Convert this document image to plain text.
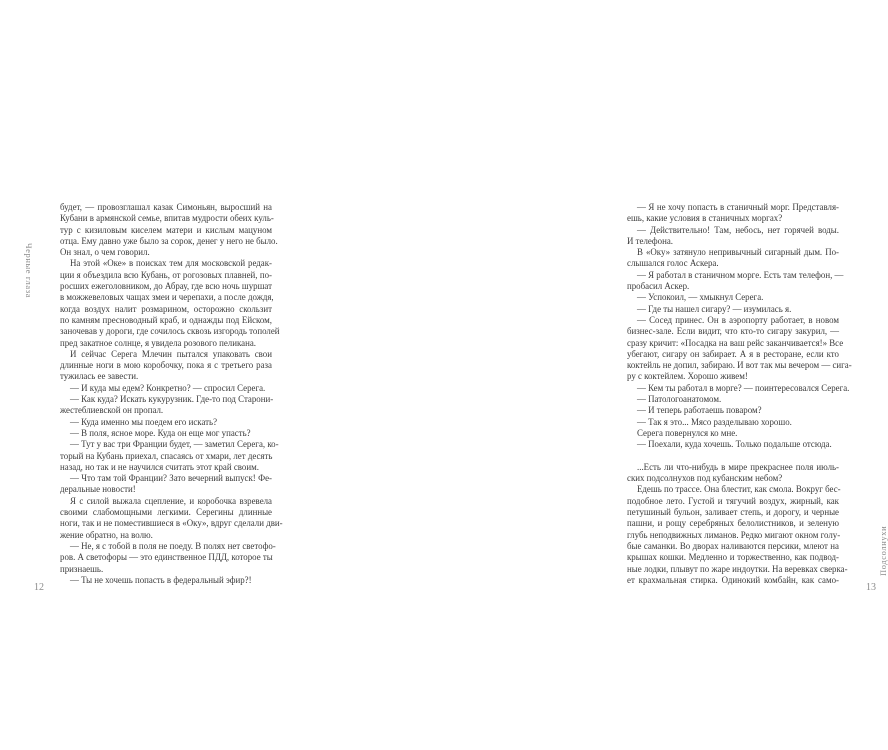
Черные глаза
будет, — провозглашал казак Симоньян, выросший на
Кубани в армянской семье, впитав мудрости обеих куль-
тур с кизиловым киселем матери и кислым мацуном
отца. Ему давно уже было за сорок, денег у него не было.
Он знал, о чем говорил.
На этой «Оке» в поисках тем для московской редак-
ции я объездила всю Кубань, от рогозовых плавней, по-
росших ежеголовником, до Абрау, где всю ночь шуршат
в можжевеловых чащах змеи и черепахи, а после дождя,
когда воздух налит розмарином, осторожно скользит
по камням пресноводный краб, и однажды под Ейском,
заночевав у дороги, где сочилось сквозь изгородь тополей
пред закатное солнце, я увидела розового пеликана.
И сейчас Серега Млечин пытался упаковать свои
длинные ноги в мою коробочку, пока я с третьего раза
тужилась ее завести.
— И куда мы едем? Конкретно? — спросил Серега.
— Как куда? Искать кукурузник. Где-то под Старони-
жестеблиевской он пропал.
— Куда именно мы поедем его искать?
— В поля, ясное море. Куда он еще мог упасть?
— Тут у вас три Франции будет, — заметил Серега, ко-
торый на Кубань приехал, спасаясь от хмари, лет десять
назад, но так и не научился считать этот край своим.
— Что там той Франции? Зато вечерний выпуск! Фе-
деральные новости!
Я с силой выжала сцепление, и коробочка взревела
своими слабомощными легкими. Серегины длинные
ноги, так и не поместившиеся в «Оку», вдруг сделали дви-
жение обратно, на волю.
— Не, я с тобой в поля не поеду. В полях нет светофо-
ров. А светофоры — это единственное ПДД, которое ты
признаешь.
— Ты не хочешь попасть в федеральный эфир?!
12
— Я не хочу попасть в станичный морг. Представля-
ешь, какие условия в станичных моргах?
— Действительно! Там, небось, нет горячей воды.
И телефона.
В «Оку» затянуло непривычный сигарный дым. По-
слышался голос Аскера.
— Я работал в станичном морге. Есть там телефон, —
пробасил Аскер.
— Успокоил, — хмыкнул Серега.
— Где ты нашел сигару? — изумилась я.
— Сосед принес. Он в аэропорту работает, в новом
бизнес-зале. Если видит, что кто-то сигару закурил, —
сразу кричит: «Посадка на ваш рейс заканчивается!» Все
убегают, сигару он забирает. А я в ресторане, если кто
коктейль не допил, забираю. И вот так мы вечером — сига-
ру с коктейлем. Хорошо живем!
— Кем ты работал в морге? — поинтересовался Серега.
— Патологоанатомом.
— И теперь работаешь поваром?
— Так я это... Мясо разделываю хорошо.
Серега повернулся ко мне.
— Поехали, куда хочешь. Только подальше отсюда.
...Есть ли что-нибудь в мире прекраснее поля июль-
ских подсолнухов под кубанским небом?
Едешь по трассе. Она блестит, как смола. Вокруг бес-
подобное лето. Густой и тягучий воздух, жирный, как
петушиный бульон, заливает степь, и дорогу, и черные
пашни, и рощу серебряных белолистников, и зеленую
глубь неподвижных лиманов. Редко мигают окном голу-
бые саманки. Во дворах наливаются персики, млеют на
крышах кошки. Медленно и торжественно, как подвод-
ные лодки, плывут по жаре индоутки. На веревках сверка-
ет крахмальная стирка. Одинокий комбайн, как само-
Подсолнухи
13
